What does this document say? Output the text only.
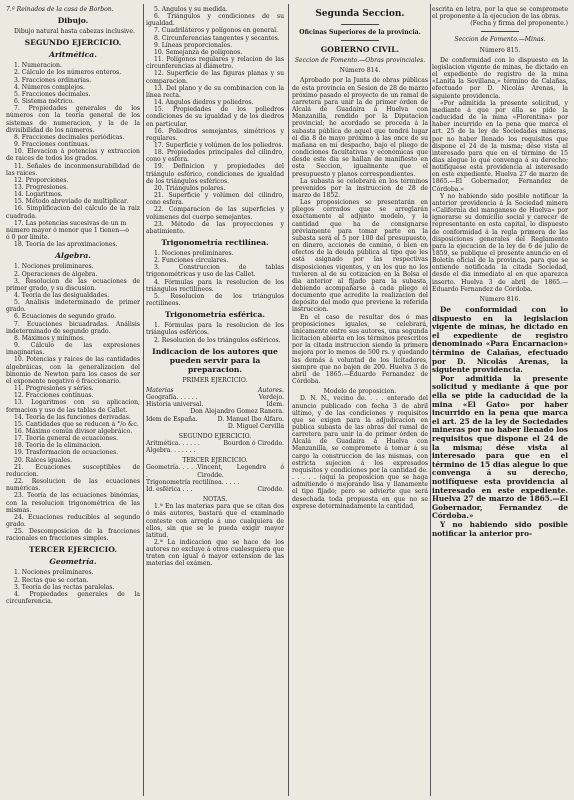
7.ª Reinados de la casa de Borbon.
Dibujo.
Dibujo natural hasta cabezas inclusive.
SEGUNDO EJERCICIO.
Aritmética.
1. Numeracion.
2. Cálculo de los números enteros.
3. Fracciones ordinarias.
4. Números complejos.
5. Fracciones decimales.
6. Sistema métrico.
7. Propiedades generales de los números con la teoría general de los sistemas de numeracion, y la de la divisibilidad de los números.
8. Fracciones decimales periódicas.
9. Fracciones contínuas.
10. Elevacion á potencias y extraccion de raices de todos los grados.
11. Señales de inconmensurabilidad de las raices.
12. Proporciones.
13. Progresiones.
14. Logaritmos.
15. Método abreviado de multiplicar.
16. Simplificacion del cálculo de la raiz cuadrada.
17. Las potencias sucesivas de un m
número mayor ó menor que 1 tienen—o
ó 0 por límite.
18. Teoría de las aproximaciones.
Algebra.
1. Nociones preliminares.
2. Operaciones de álgebra.
3. Resolucion de las ecuaciones de primer grado, y su discusion.
4. Teoría de las desigualdades.
5. Análisis indeterminado de primer grado.
6. Ecuaciones de segundo grado.
7. Ecuaciones bicuadradas. Análisis indeterminado de segundo grado.
8. Máximos y mínimos.
9. Cálculo de las expresiones imaginarias.
10. Potencias y raices de las cantidades algebráicas, con la generalizacion del binomio de Newton para los casos de ser el exponente negativo ó fraccionario.
11. Progresiones y séries.
12. Fracciones contínuas.
13. Logaritmos con su aplicacion, formacion y uso de las tablas de Callet.
14. Teoría de las funciones derivadas.
15. Cantidades que se reducen á °/o &c.
16. Máximo común divisor algebráico.
17. Teoría general de ecuaciones.
18. Teoría de la eliminacion.
19. Trasformacion de ecuaciones.
20. Raices iguales.
21. Ecuaciones susceptibles de reduccion.
22. Resolucion de las ecuaciones numéricas.
23. Teoría de las ecuaciones binómias, con la resolucion trigonométrica de las mismas.
24. Ecuaciones reducibles al segundo grado.
25. Descomposicion de la fracciones racionales en fracciones simples.
TERCER EJERCICIO.
Geometría.
1. Nociones preliminares.
2. Rectas que se cortan.
3. Teoría de las rectas paralelas.
4. Propiedades generales de la circunferencia.
5. Angulos y su medida.
6. Triángulos y condiciones de su igualdad.
7. Cuadriláteros y polígonos en general.
8. Circunferencias tangentes y secantes.
9. Líneas proporcionales.
10. Semejanza de polígonos.
11. Polígonos regulares y relacion de las circunferencias al diámetro.
12. Superficie de las figuras planas y su comparacion.
13. Del plano y de su combinacion con la línea recta.
14. Angulos diedros y poliedros.
15. Propiedades de los poliedros condiciones de su igualdad y de los diedros en particular.
16. Poliedros semejantes, simétricos y regulares.
17. Superficie y volúmen de los poliedros.
18. Propiedades principales del cilindro, cono y esfera.
19. Definicion y propiedades del triángulo esférico, condiciones de igualdad de los triángulos esféricos.
20. Triángulos polares.
21. Superficie y volúmen del cilindro, cono esfera.
22. Comparacion de las superficies y volúmenes del cuerpo semejantes.
23. Método de las proyecciones y abatimiento.
Trigonometría rectilínea.
1. Nociones preliminares.
2. Funciones circulares.
3. Construccion de tablas trigonométricas y uso de las Callet.
4. Fórmulas para la resolucion de los triángulos rectilíneos.
5. Resolucion de los triángulos rectilíneos.
Trigonometría esférica.
1. Fórmulas para la resolucion de los triángulos esféricos.
2. Resolucion de los triángulos esféricos.
Indicacion de los autores que pueden servir para la preparacion.
PRIMER EJERCICIO.
Materias	Autores.
Geografía. . . . . .	Verdejo.
Historia universal.	Idem.
Don Alejandro Gomez Ranera.
Idem de España.	D. Manuel Ibo Alfaro.
D. Miguel Cervilla
SEGUNDO EJERCICIO.
Aritmética. . . . . .	Bourdon ó Cirodde.
Algebra. . . . . . .
TERCER EJERCICIO.
Geometría. . . . . .
Vincent, Legendre ó Cirodde.
Trigonometría rectilínea. . . . .
Id. esférica . . .	Cirodde.
NOTAS.
1.ª En las materias para que se citan dos ó más autores, bastará que el examinado conteste con arreglo á uno cualquiera de ellos, sin que se le pueda exigir mayor latitud.
2.ª La indicacion que se hace de los autores no excluye á otros cualesquiera que traten con igual ó mayor extension de las materias del exámen.
Segunda Seccion.
Oficinas Superiores de la provincia.
GOBIERNO CIVIL.
Seccion de Fomento.—Obras provinciales.
Número 814.
Aprobado por la Junta de obras públicas de esta provincia en Sesion de 28 de marzo próximo pasado el proyecto de un ramal de carretera para unir la de primer órden de Alcalá de Guadaira á Huelva con Manzanilla, rendido por la Diputacion provincial; he acordado se proceda á la subasta pública de aquel que tendrá lugar el dia 8 de mayo próximo á las once de su mañana en mi despacho, bajo el pliego de condiciones facultativas y económicas que desde este dia se hallan de manifiesto en esta Seccion, igualmente que el presupuesto y planos correspondientes.
La subasta se celebrará en los términos prevenidos por la instruccion de 28 de marzo de 1852.
Las proposiciones se presentarán en pliegos cerrados que se arreglarán exactamente al adjunto modelo, y la cantidad que ha de consignarse préviamente para tomar parte en la subasta será el 5 por 100 del presupuesto, en dinero, acciones de camino, ó bien en efectos de la deuda pública al tipo que les está asignado por las respectivas disposiciones vigentes, y en los que no los tuvieren al de su cotizacion en la Bolsa el dia anterior al fijado para la subasta, debiendo acompañarse á cada pliego el documento que acredite la realizacion del depósito del modo que previene la referida instruccion.
En el caso de resultar dos ó mas proposiciones iguales, se celebrará, únicamente entre sus autores, una segunda licitacion abierta en los términos prescritos por la citada instruccion siendo la primera mejora por lo menos de 500 rs. y quedando las demás á voluntad de los licitadores, siempre que no bajen de 200. Huelva 3 de abril de 1865.—Eduardo Fernandez de Córdoba.
Modelo de proposicion.
D. N. N., vecino de. . . . enterado del anuncio publicado con fecha 3 de abril último, y de las condiciones y requisitos que se exigen para la adjudicacion en pública subasta de las obras del ramal de carretera para unir la de primer órden de Alcalá de Guadaira á Huelva con Manzanilla, se compromete á tomar á su cargo la construccion de las mismas, con estricta sujecion á los expresados requisitos y condiciones por la cantidad de. . . . . . (aquí la proposicion que se haga admitiendo ó mejorando lisa y llanamente el tipo fijado; pero se advierte que será desechada toda propuesta en que no se exprese determinadamente la cantidad,
escrita en letra, por la que se compromete el proponente á la ejecucion de las obras.
(Fecha y firma del proponente.)
Seccion de Fomento.—Minas.
Número 815.
De conformidad con lo dispuesto en la legislacion vigente de minas, he dictado en el expediente de registro de la mina «Lanita la Sevillana,» término de Calañas, efectuado por D. Nicolás Arenas, la siguiente providencia.
«Por admitida la presente solicitud, y mediante á que por ella se pide la caducidad de la mina «Florentina» por haber incurrido en la pena que marca el art. 25 de la ley de Sociedades mineras, por no haber llenado los requisitos que dispone el 24 de la misma; dése vista al interesado para que en el término de 15 dias alegue lo que convenga á su derecho; notifíquese esta providencia al interesado en este expediente. Huelva 27 de marzo de 1865.—El Gobernador, Fernandez de Córdoba.»
Y no habiendo sido posible notificar la anterior providencia á la Sociedad minera «California del manganeso de Huelva» por ignorarse su domicilio social y carecer de representante en esta capital, lo dispuesto de conformidad á la regla primera de las disposiciones generales del Reglamento para la ejecucion de la ley de 6 de julio de 1859, se publique el presente anuncio en el Boletín oficial de la provincia, para que se entiende notificada la citada Sociedad, desde el dia inmediato al en que aparezca inserto. Huelva 3 de abril de 1865.—Eduardo Fernandez de Córdoba.
Número 816.
De conformidad con lo dispuesto en la legislacion vigente de minas, he dictado en el expediente de registro denominado «Para Encarnacion» término de Calañas, efectuado por D. Nicolás Arenas, la siguiente providencia.
Por admitida la presente solicitud y mediante á que por ella se pide la caducidad de la mina «El Gato» por haber incurrido en la pena que marca el art. 25 de la ley de Sociedades mineras por no haber llenado los requisitos que dispone el 24 de la misma; dése vista al interesado para que en el término de 15 dias alegue lo que convenga á su derecho, notifíquese esta providencia al interesado en este expediente. Huelva 27 de marzo de 1865.—El Gobernador, Fernandez de Córdoba.»
Y no habiendo sido posible notificar la anterior pro-
